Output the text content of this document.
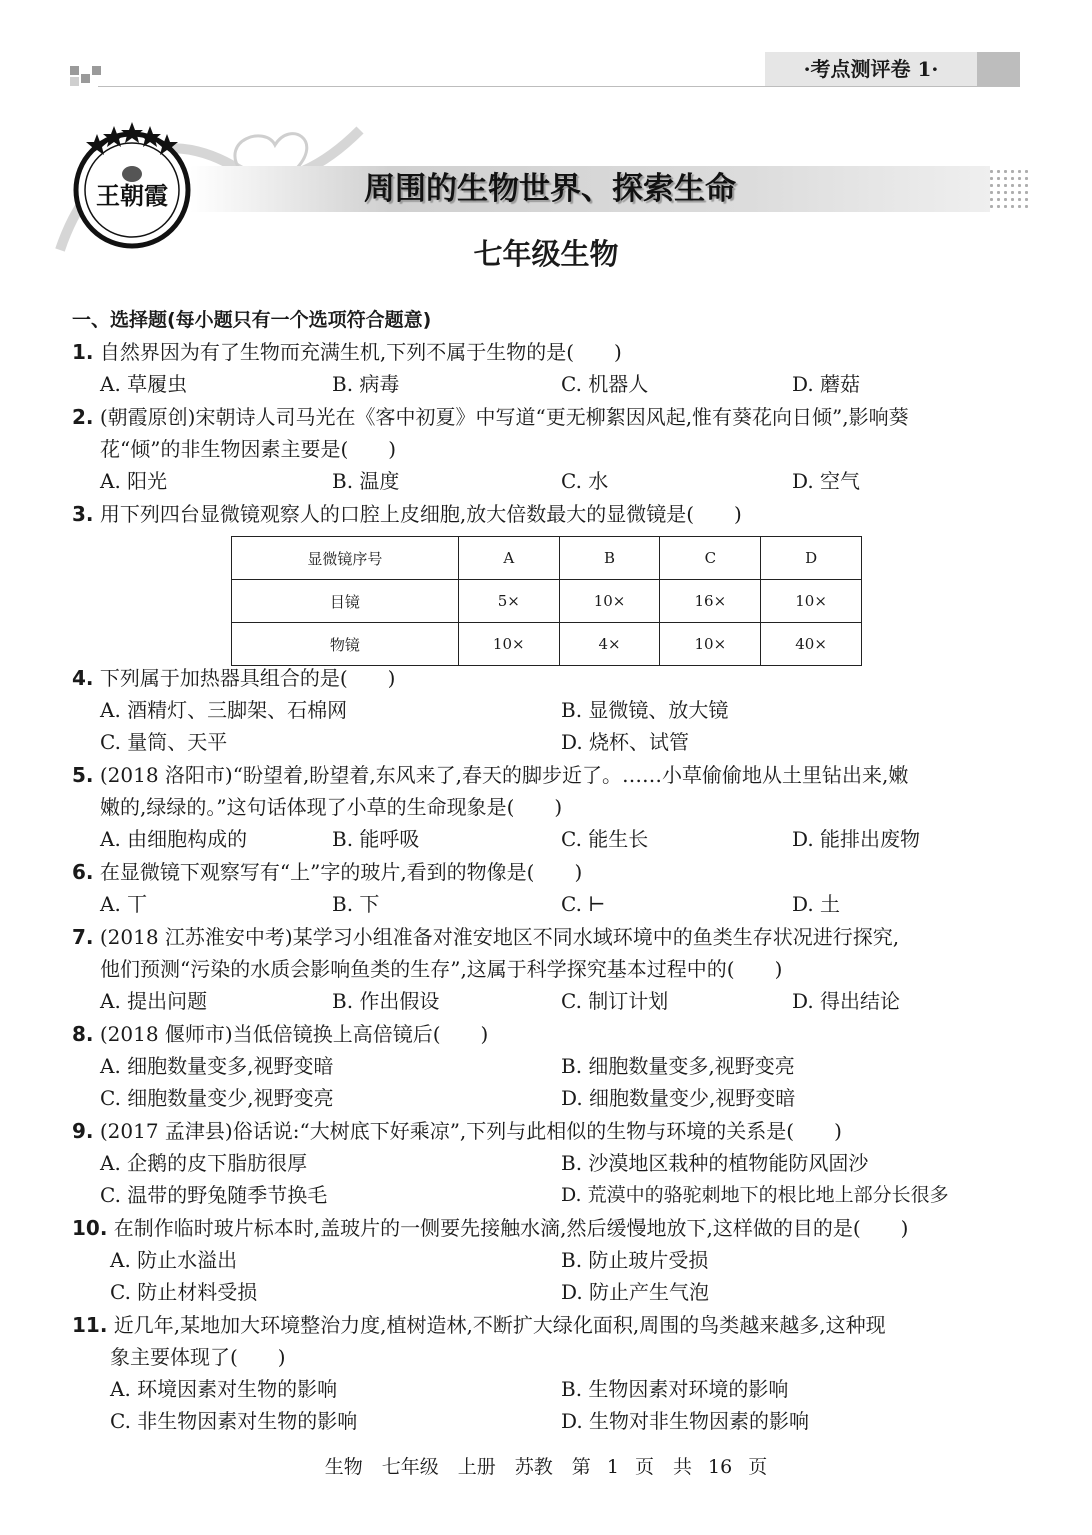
·考点测评卷 1·
周围的生物世界、探索生命
王朝霞
七年级生物
一、选择题(每小题只有一个选项符合题意)
1. 自然界因为有了生物而充满生机,下列不属于生物的是(　　)
A. 草履虫	B. 病毒	C. 机器人	D. 蘑菇
2. (朝霞原创)宋朝诗人司马光在《客中初夏》中写道“更无柳絮因风起,惟有葵花向日倾”,影响葵
花“倾”的非生物因素主要是(　　)
A. 阳光	B. 温度	C. 水	D. 空气
3. 用下列四台显微镜观察人的口腔上皮细胞,放大倍数最大的显微镜是(　　)
显微镜序号	A	B	C	D
目镜	5×	10×	16×	10×
物镜	10×	4×	10×	40×
4. 下列属于加热器具组合的是(　　)
A. 酒精灯、三脚架、石棉网	B. 显微镜、放大镜
C. 量筒、天平	D. 烧杯、试管
5. (2018 洛阳市)“盼望着,盼望着,东风来了,春天的脚步近了。……小草偷偷地从土里钻出来,嫩
嫩的,绿绿的。”这句话体现了小草的生命现象是(　　)
A. 由细胞构成的	B. 能呼吸	C. 能生长	D. 能排出废物
6. 在显微镜下观察写有“上”字的玻片,看到的物像是(　　)
A. 丅	B. 下	C. ⊢	D. 土
7. (2018 江苏淮安中考)某学习小组准备对淮安地区不同水域环境中的鱼类生存状况进行探究,
他们预测“污染的水质会影响鱼类的生存”,这属于科学探究基本过程中的(　　)
A. 提出问题	B. 作出假设	C. 制订计划	D. 得出结论
8. (2018 偃师市)当低倍镜换上高倍镜后(　　)
A. 细胞数量变多,视野变暗	B. 细胞数量变多,视野变亮
C. 细胞数量变少,视野变亮	D. 细胞数量变少,视野变暗
9. (2017 孟津县)俗话说:“大树底下好乘凉”,下列与此相似的生物与环境的关系是(　　)
A. 企鹅的皮下脂肪很厚	B. 沙漠地区栽种的植物能防风固沙
C. 温带的野兔随季节换毛	D. 荒漠中的骆驼刺地下的根比地上部分长很多
10. 在制作临时玻片标本时,盖玻片的一侧要先接触水滴,然后缓慢地放下,这样做的目的是(　　)
A. 防止水溢出	B. 防止玻片受损
C. 防止材料受损	D. 防止产生气泡
11. 近几年,某地加大环境整治力度,植树造林,不断扩大绿化面积,周围的鸟类越来越多,这种现
象主要体现了(　　)
A. 环境因素对生物的影响	B. 生物因素对环境的影响
C. 非生物因素对生物的影响	D. 生物对非生物因素的影响
生物　七年级　上册　苏教　第 1 页　共 16 页
